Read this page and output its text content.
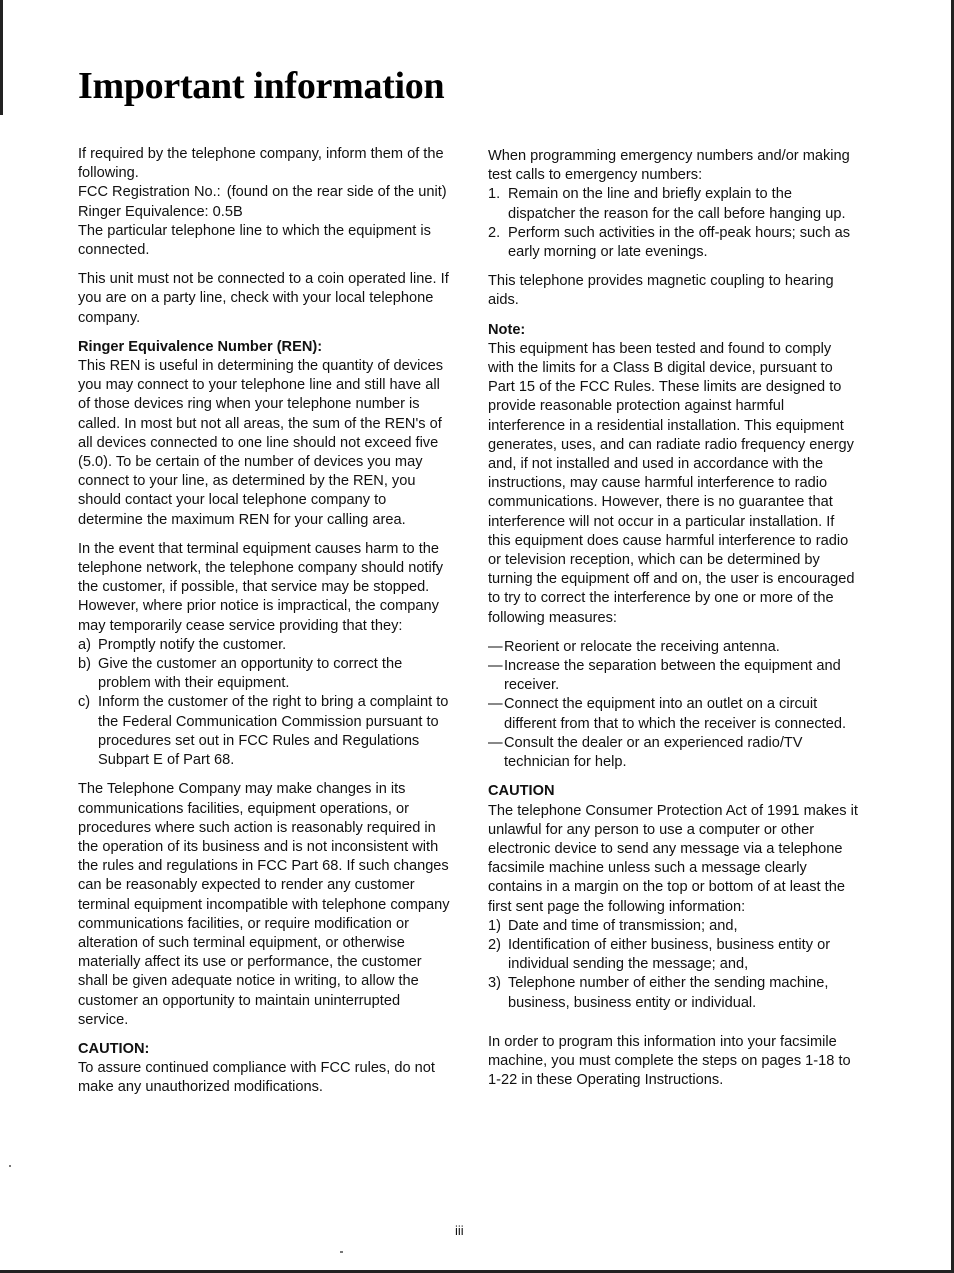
Important information

If required by the telephone company, inform them of the following.

FCC Registration No.: (found on the rear side of the unit)

Ringer Equivalence: 0.5B

The particular telephone line to which the equipment is connected.

This unit must not be connected to a coin operated line. If you are on a party line, check with your local telephone company.

Ringer Equivalence Number (REN):

This REN is useful in determining the quantity of devices you may connect to your telephone line and still have all of those devices ring when your telephone number is called. In most but not all areas, the sum of the REN's of all devices connected to one line should not exceed five (5.0). To be certain of the number of devices you may connect to your line, as determined by the REN, you should contact your local telephone company to determine the maximum REN for your calling area.

In the event that terminal equipment causes harm to the telephone network, the telephone company should notify the customer, if possible, that service may be stopped. However, where prior notice is impractical, the company may temporarily cease service providing that they:

a) Promptly notify the customer.
b) Give the customer an opportunity to correct the problem with their equipment.
c) Inform the customer of the right to bring a complaint to the Federal Communication Commission pursuant to procedures set out in FCC Rules and Regulations Subpart E of Part 68.

The Telephone Company may make changes in its communications facilities, equipment operations, or procedures where such action is reasonably required in the operation of its business and is not inconsistent with the rules and regulations in FCC Part 68. If such changes can be reasonably expected to render any customer terminal equipment incompatible with telephone company communications facilities, or require modification or alteration of such terminal equipment, or otherwise materially affect its use or performance, the customer shall be given adequate notice in writing, to allow the customer an opportunity to maintain uninterrupted service.

CAUTION:

To assure continued compliance with FCC rules, do not make any unauthorized modifications.

When programming emergency numbers and/or making test calls to emergency numbers:

1. Remain on the line and briefly explain to the dispatcher the reason for the call before hanging up.
2. Perform such activities in the off-peak hours; such as early morning or late evenings.

This telephone provides magnetic coupling to hearing aids.

Note:

This equipment has been tested and found to comply with the limits for a Class B digital device, pursuant to Part 15 of the FCC Rules. These limits are designed to provide reasonable protection against harmful interference in a residential installation. This equipment generates, uses, and can radiate radio frequency energy and, if not installed and used in accordance with the instructions, may cause harmful interference to radio communications. However, there is no guarantee that interference will not occur in a particular installation. If this equipment does cause harmful interference to radio or television reception, which can be determined by turning the equipment off and on, the user is encouraged to try to correct the interference by one or more of the following measures:

— Reorient or relocate the receiving antenna.
— Increase the separation between the equipment and receiver.
— Connect the equipment into an outlet on a circuit different from that to which the receiver is connected.
— Consult the dealer or an experienced radio/TV technician for help.

CAUTION

The telephone Consumer Protection Act of 1991 makes it unlawful for any person to use a computer or other electronic device to send any message via a telephone facsimile machine unless such a message clearly contains in a margin on the top or bottom of at least the first sent page the following information:

1) Date and time of transmission; and,
2) Identification of either business, business entity or individual sending the message; and,
3) Telephone number of either the sending machine, business, business entity or individual.

In order to program this information into your facsimile machine, you must complete the steps on pages 1-18 to 1-22 in these Operating Instructions.

iii
